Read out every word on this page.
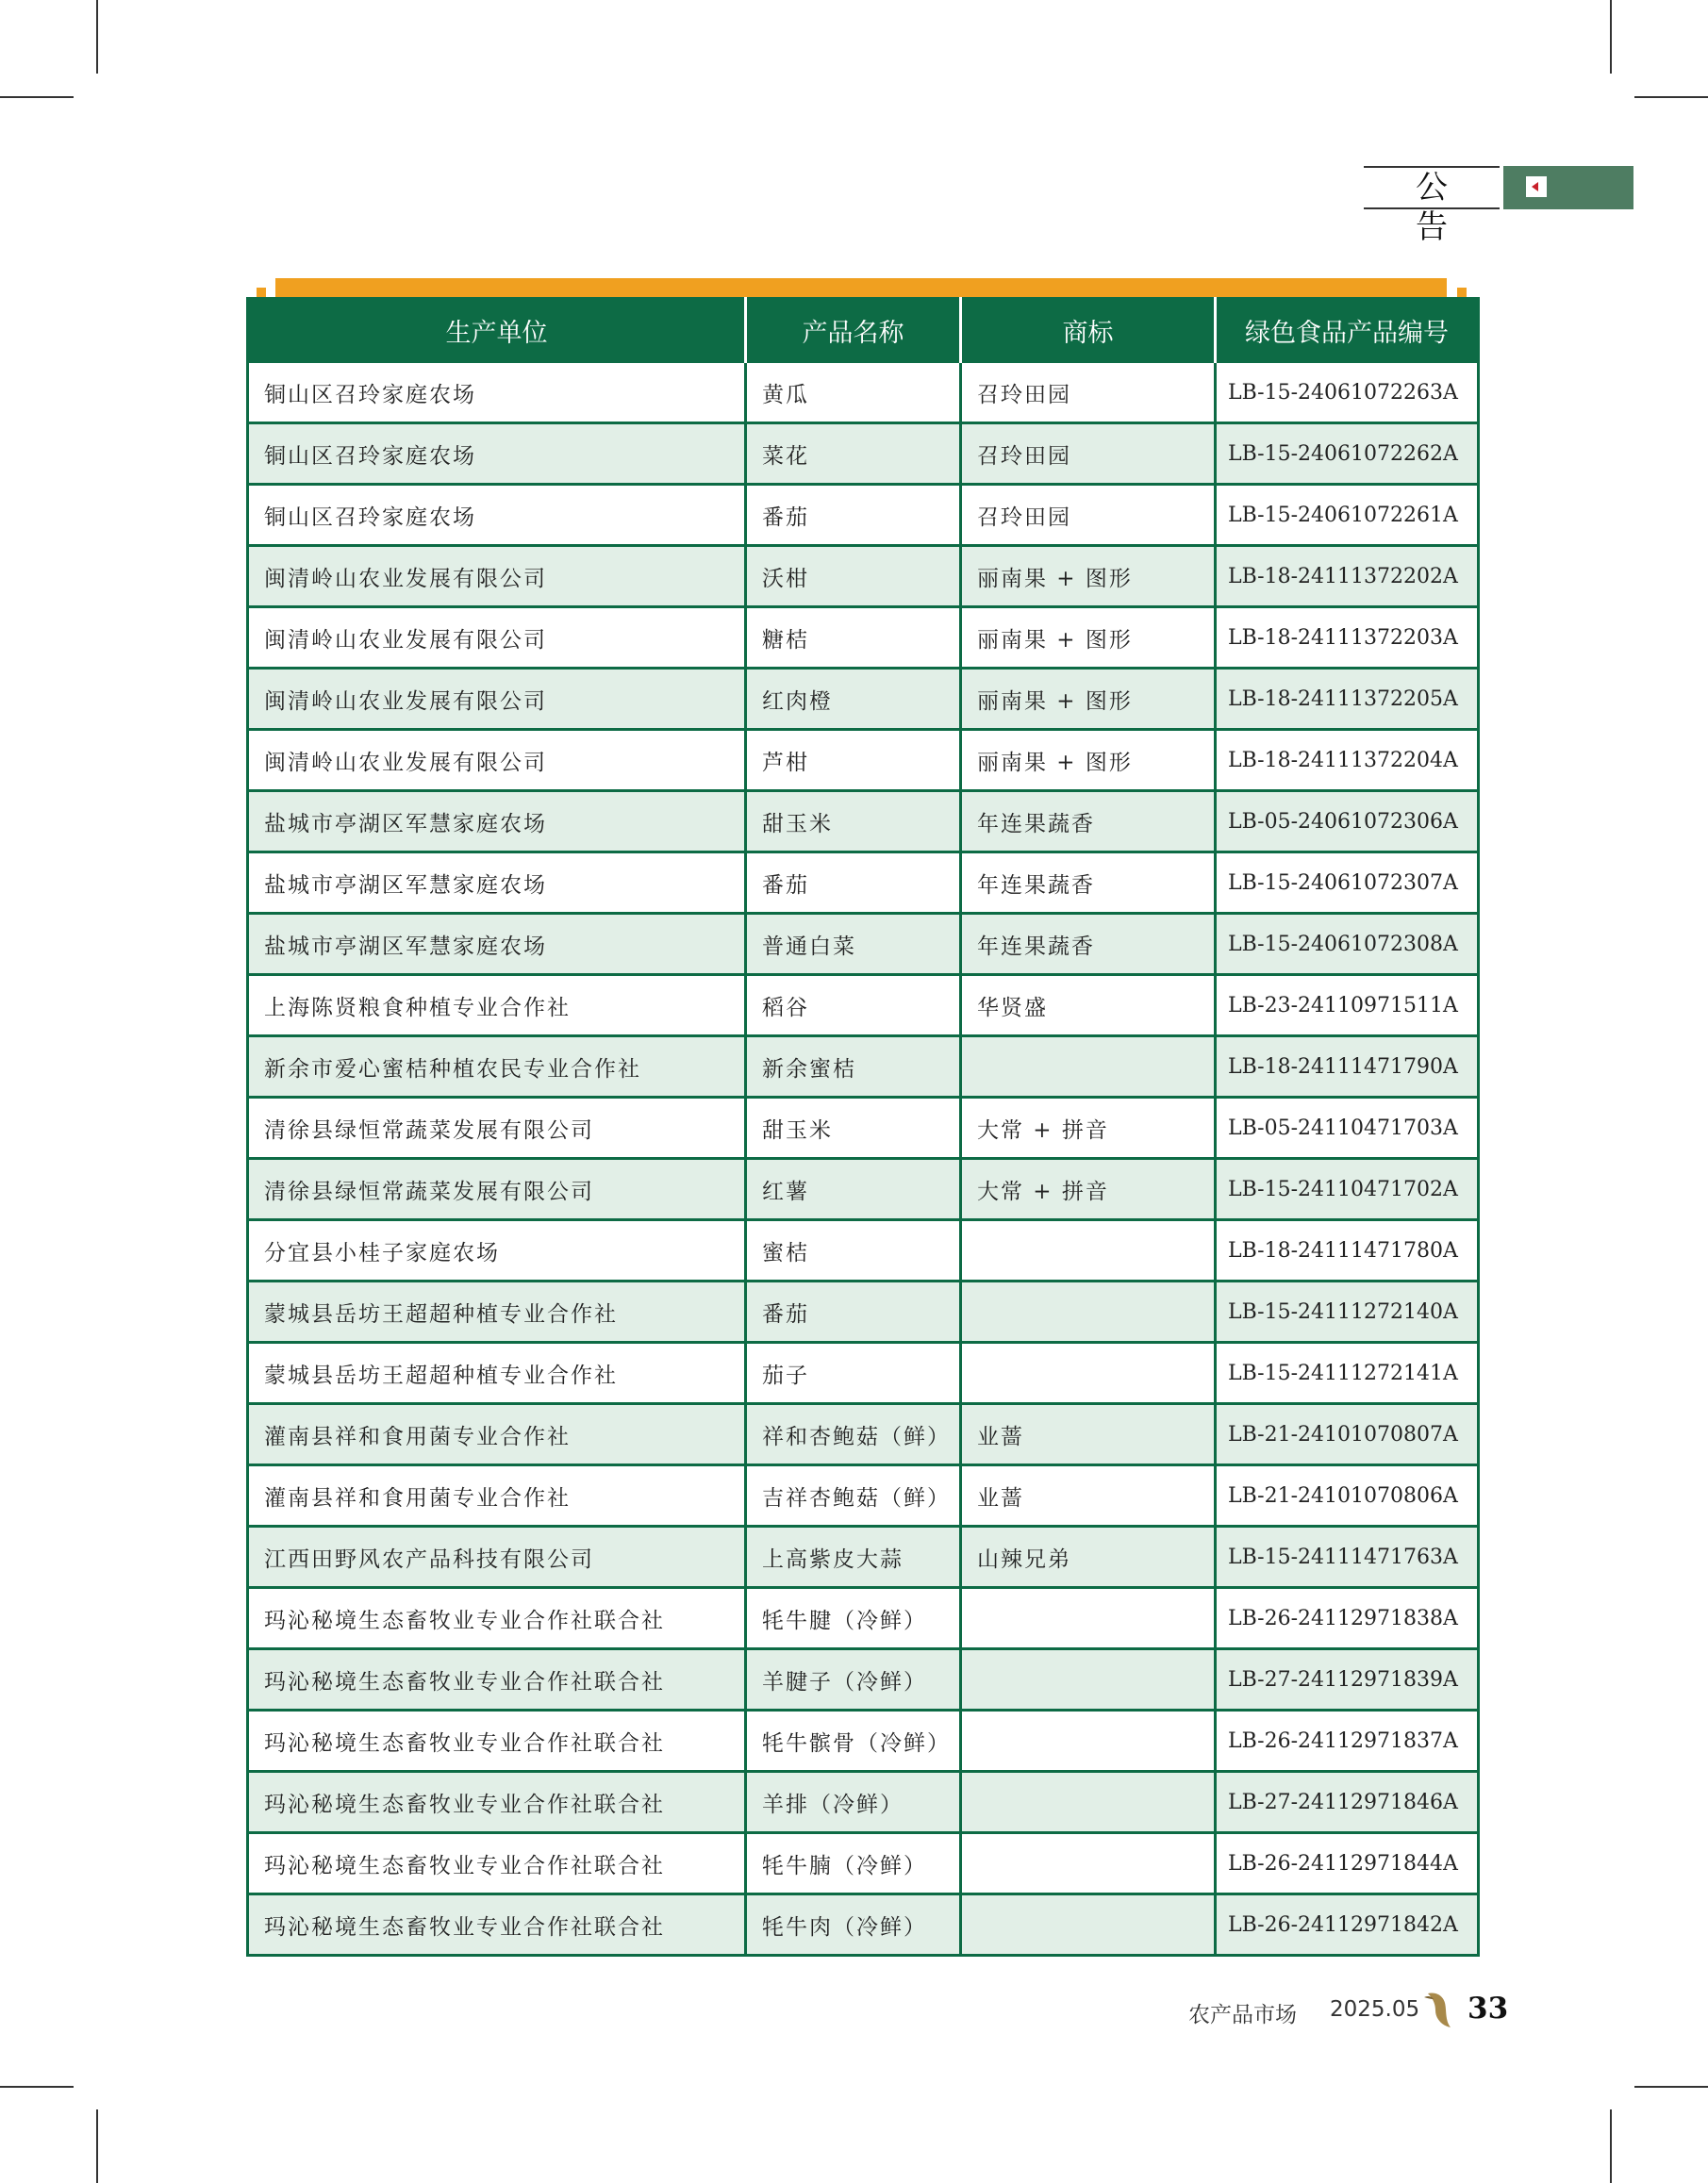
公 告
生产单位	产品名称	商标	绿色食品产品编号
铜山区召玲家庭农场	黄瓜	召玲田园	LB-15-24061072263A
铜山区召玲家庭农场	菜花	召玲田园	LB-15-24061072262A
铜山区召玲家庭农场	番茄	召玲田园	LB-15-24061072261A
闽清岭山农业发展有限公司	沃柑	丽南果 + 图形	LB-18-24111372202A
闽清岭山农业发展有限公司	糖桔	丽南果 + 图形	LB-18-24111372203A
闽清岭山农业发展有限公司	红肉橙	丽南果 + 图形	LB-18-24111372205A
闽清岭山农业发展有限公司	芦柑	丽南果 + 图形	LB-18-24111372204A
盐城市亭湖区军慧家庭农场	甜玉米	年连果蔬香	LB-05-24061072306A
盐城市亭湖区军慧家庭农场	番茄	年连果蔬香	LB-15-24061072307A
盐城市亭湖区军慧家庭农场	普通白菜	年连果蔬香	LB-15-24061072308A
上海陈贤粮食种植专业合作社	稻谷	华贤盛	LB-23-24110971511A
新余市爱心蜜桔种植农民专业合作社	新余蜜桔		LB-18-24111471790A
清徐县绿恒常蔬菜发展有限公司	甜玉米	大常 + 拼音	LB-05-24110471703A
清徐县绿恒常蔬菜发展有限公司	红薯	大常 + 拼音	LB-15-24110471702A
分宜县小桂子家庭农场	蜜桔		LB-18-24111471780A
蒙城县岳坊王超超种植专业合作社	番茄		LB-15-24111272140A
蒙城县岳坊王超超种植专业合作社	茄子		LB-15-24111272141A
灌南县祥和食用菌专业合作社	祥和杏鲍菇（鲜）	业蔷	LB-21-24101070807A
灌南县祥和食用菌专业合作社	吉祥杏鲍菇（鲜）	业蔷	LB-21-24101070806A
江西田野风农产品科技有限公司	上高紫皮大蒜	山辣兄弟	LB-15-24111471763A
玛沁秘境生态畜牧业专业合作社联合社	牦牛腱（冷鲜）		LB-26-24112971838A
玛沁秘境生态畜牧业专业合作社联合社	羊腱子（冷鲜）		LB-27-24112971839A
玛沁秘境生态畜牧业专业合作社联合社	牦牛髌骨（冷鲜）		LB-26-24112971837A
玛沁秘境生态畜牧业专业合作社联合社	羊排（冷鲜）		LB-27-24112971846A
玛沁秘境生态畜牧业专业合作社联合社	牦牛腩（冷鲜）		LB-26-24112971844A
玛沁秘境生态畜牧业专业合作社联合社	牦牛肉（冷鲜）		LB-26-24112971842A
农产品市场 2025.05 33
